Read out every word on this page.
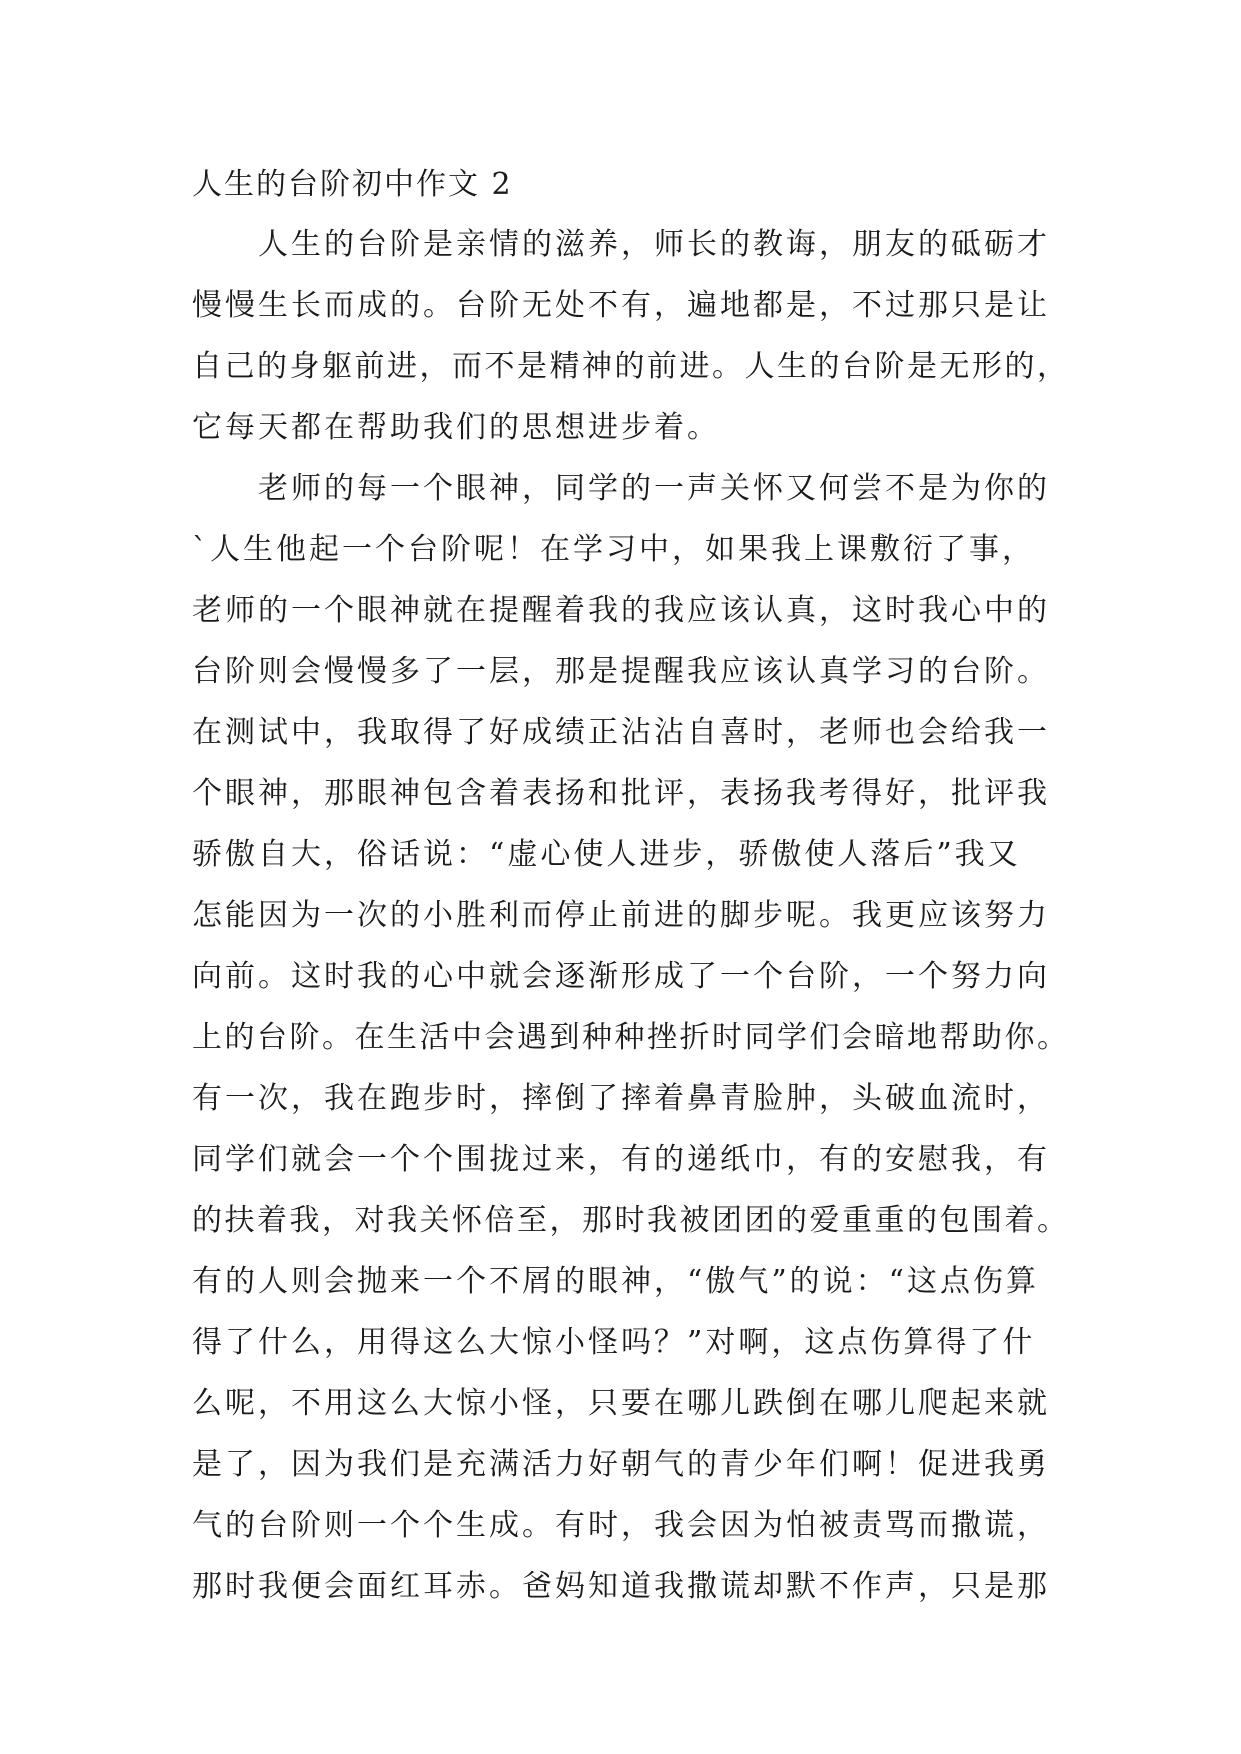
人生的台阶初中作文 2
　　人生的台阶是亲情的滋养，师长的教诲，朋友的砥砺才
慢慢生长而成的。台阶无处不有，遍地都是，不过那只是让
自己的身躯前进，而不是精神的前进。人生的台阶是无形的，
它每天都在帮助我们的思想进步着。
　　老师的每一个眼神，同学的一声关怀又何尝不是为你的
`人生他起一个台阶呢！在学习中，如果我上课敷衍了事，
老师的一个眼神就在提醒着我的我应该认真，这时我心中的
台阶则会慢慢多了一层，那是提醒我应该认真学习的台阶。
在测试中，我取得了好成绩正沾沾自喜时，老师也会给我一
个眼神，那眼神包含着表扬和批评，表扬我考得好，批评我
骄傲自大，俗话说：“虚心使人进步，骄傲使人落后”我又
怎能因为一次的小胜利而停止前进的脚步呢。我更应该努力
向前。这时我的心中就会逐渐形成了一个台阶，一个努力向
上的台阶。在生活中会遇到种种挫折时同学们会暗地帮助你。
有一次，我在跑步时，摔倒了摔着鼻青脸肿，头破血流时，
同学们就会一个个围拢过来，有的递纸巾，有的安慰我，有
的扶着我，对我关怀倍至，那时我被团团的爱重重的包围着。
有的人则会抛来一个不屑的眼神，“傲气”的说：“这点伤算
得了什么，用得这么大惊小怪吗？”对啊，这点伤算得了什
么呢，不用这么大惊小怪，只要在哪儿跌倒在哪儿爬起来就
是了，因为我们是充满活力好朝气的青少年们啊！促进我勇
气的台阶则一个个生成。有时，我会因为怕被责骂而撒谎，
那时我便会面红耳赤。爸妈知道我撒谎却默不作声，只是那
